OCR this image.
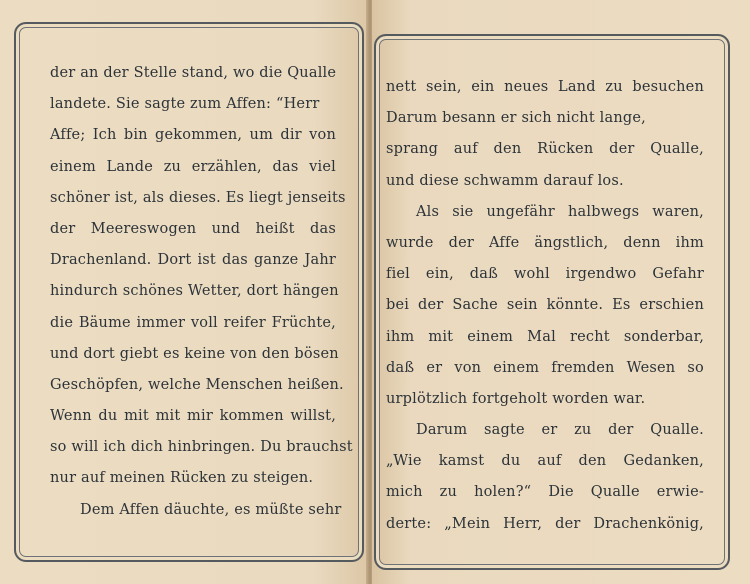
der an der Stelle stand, wo die Qualle
landete. Sie sagte zum Affen: “Herr
Affe; Ich bin gekommen, um dir von
einem Lande zu erzählen, das viel
schöner ist, als dieses. Es liegt jenseits
der Meereswogen und heißt das
Drachenland. Dort ist das ganze Jahr
hindurch schönes Wetter, dort hängen
die Bäume immer voll reifer Früchte,
und dort giebt es keine von den bösen
Geschöpfen, welche Menschen heißen.
Wenn du mit mit mir kommen willst,
so will ich dich hinbringen. Du brauchst
nur auf meinen Rücken zu steigen.
Dem Affen däuchte, es müßte sehr
nett sein, ein neues Land zu besuchen
Darum besann er sich nicht lange,
sprang auf den Rücken der Qualle,
und diese schwamm darauf los.
Als sie ungefähr halbwegs waren,
wurde der Affe ängstlich, denn ihm
fiel ein, daß wohl irgendwo Gefahr
bei der Sache sein könnte. Es erschien
ihm mit einem Mal recht sonderbar,
daß er von einem fremden Wesen so
urplötzlich fortgeholt worden war.
Darum sagte er zu der Qualle.
„Wie kamst du auf den Gedanken,
mich zu holen?“ Die Qualle erwie-
derte: „Mein Herr, der Drachenkönig,
